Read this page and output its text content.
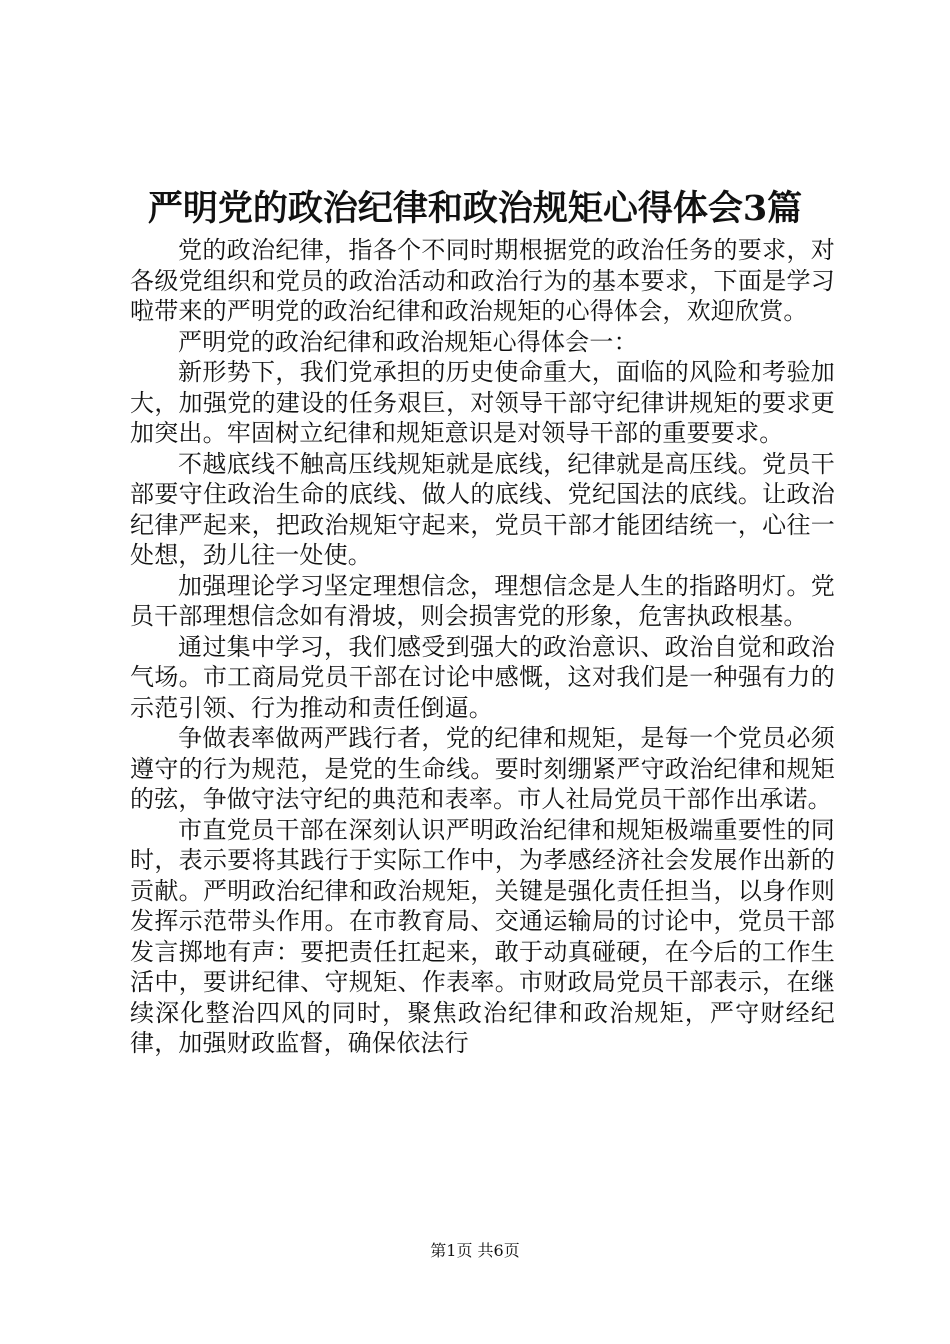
严明党的政治纪律和政治规矩心得体会3篇

党的政治纪律，指各个不同时期根据党的政治任务的要求，对各级党组织和党员的政治活动和政治行为的基本要求，下面是学习啦带来的严明党的政治纪律和政治规矩的心得体会，欢迎欣赏。

严明党的政治纪律和政治规矩心得体会一：

新形势下，我们党承担的历史使命重大，面临的风险和考验加大，加强党的建设的任务艰巨，对领导干部守纪律讲规矩的要求更加突出。牢固树立纪律和规矩意识是对领导干部的重要要求。

不越底线不触高压线规矩就是底线，纪律就是高压线。党员干部要守住政治生命的底线、做人的底线、党纪国法的底线。让政治纪律严起来，把政治规矩守起来，党员干部才能团结统一，心往一处想，劲儿往一处使。

加强理论学习坚定理想信念，理想信念是人生的指路明灯。党员干部理想信念如有滑坡，则会损害党的形象，危害执政根基。

通过集中学习，我们感受到强大的政治意识、政治自觉和政治气场。市工商局党员干部在讨论中感慨，这对我们是一种强有力的示范引领、行为推动和责任倒逼。

争做表率做两严践行者，党的纪律和规矩，是每一个党员必须遵守的行为规范，是党的生命线。要时刻绷紧严守政治纪律和规矩的弦，争做守法守纪的典范和表率。市人社局党员干部作出承诺。

市直党员干部在深刻认识严明政治纪律和规矩极端重要性的同时，表示要将其践行于实际工作中，为孝感经济社会发展作出新的贡献。严明政治纪律和政治规矩，关键是强化责任担当，以身作则发挥示范带头作用。在市教育局、交通运输局的讨论中，党员干部发言掷地有声：要把责任扛起来，敢于动真碰硬，在今后的工作生活中，要讲纪律、守规矩、作表率。市财政局党员干部表示，在继续深化整治四风的同时，聚焦政治纪律和政治规矩，严守财经纪律，加强财政监督，确保依法行

第1页 共6页
